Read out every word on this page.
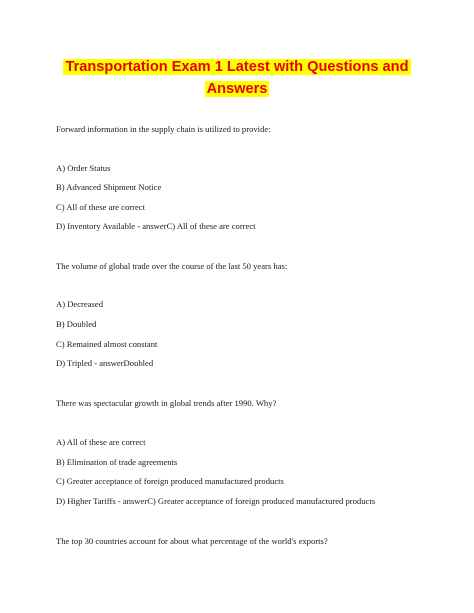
Transportation Exam 1 Latest with Questions and
Answers
Forward information in the supply chain is utilized to provide:
A) Order Status
B) Advanced Shipment Notice
C) All of these are correct
D) Inventory Available - answerC) All of these are correct
The volume of global trade over the course of the last 50 years has:
A) Decreased
B) Doubled
C) Remained almost constant
D) Tripled - answerDoubled
There was spectacular growth in global trends after 1990. Why?
A) All of these are correct
B) Elimination of trade agreements
C) Greater acceptance of foreign produced manufactured products
D) Higher Tariffs - answerC) Greater acceptance of foreign produced manufactured products
The top 30 countries account for about what percentage of the world's exports?
